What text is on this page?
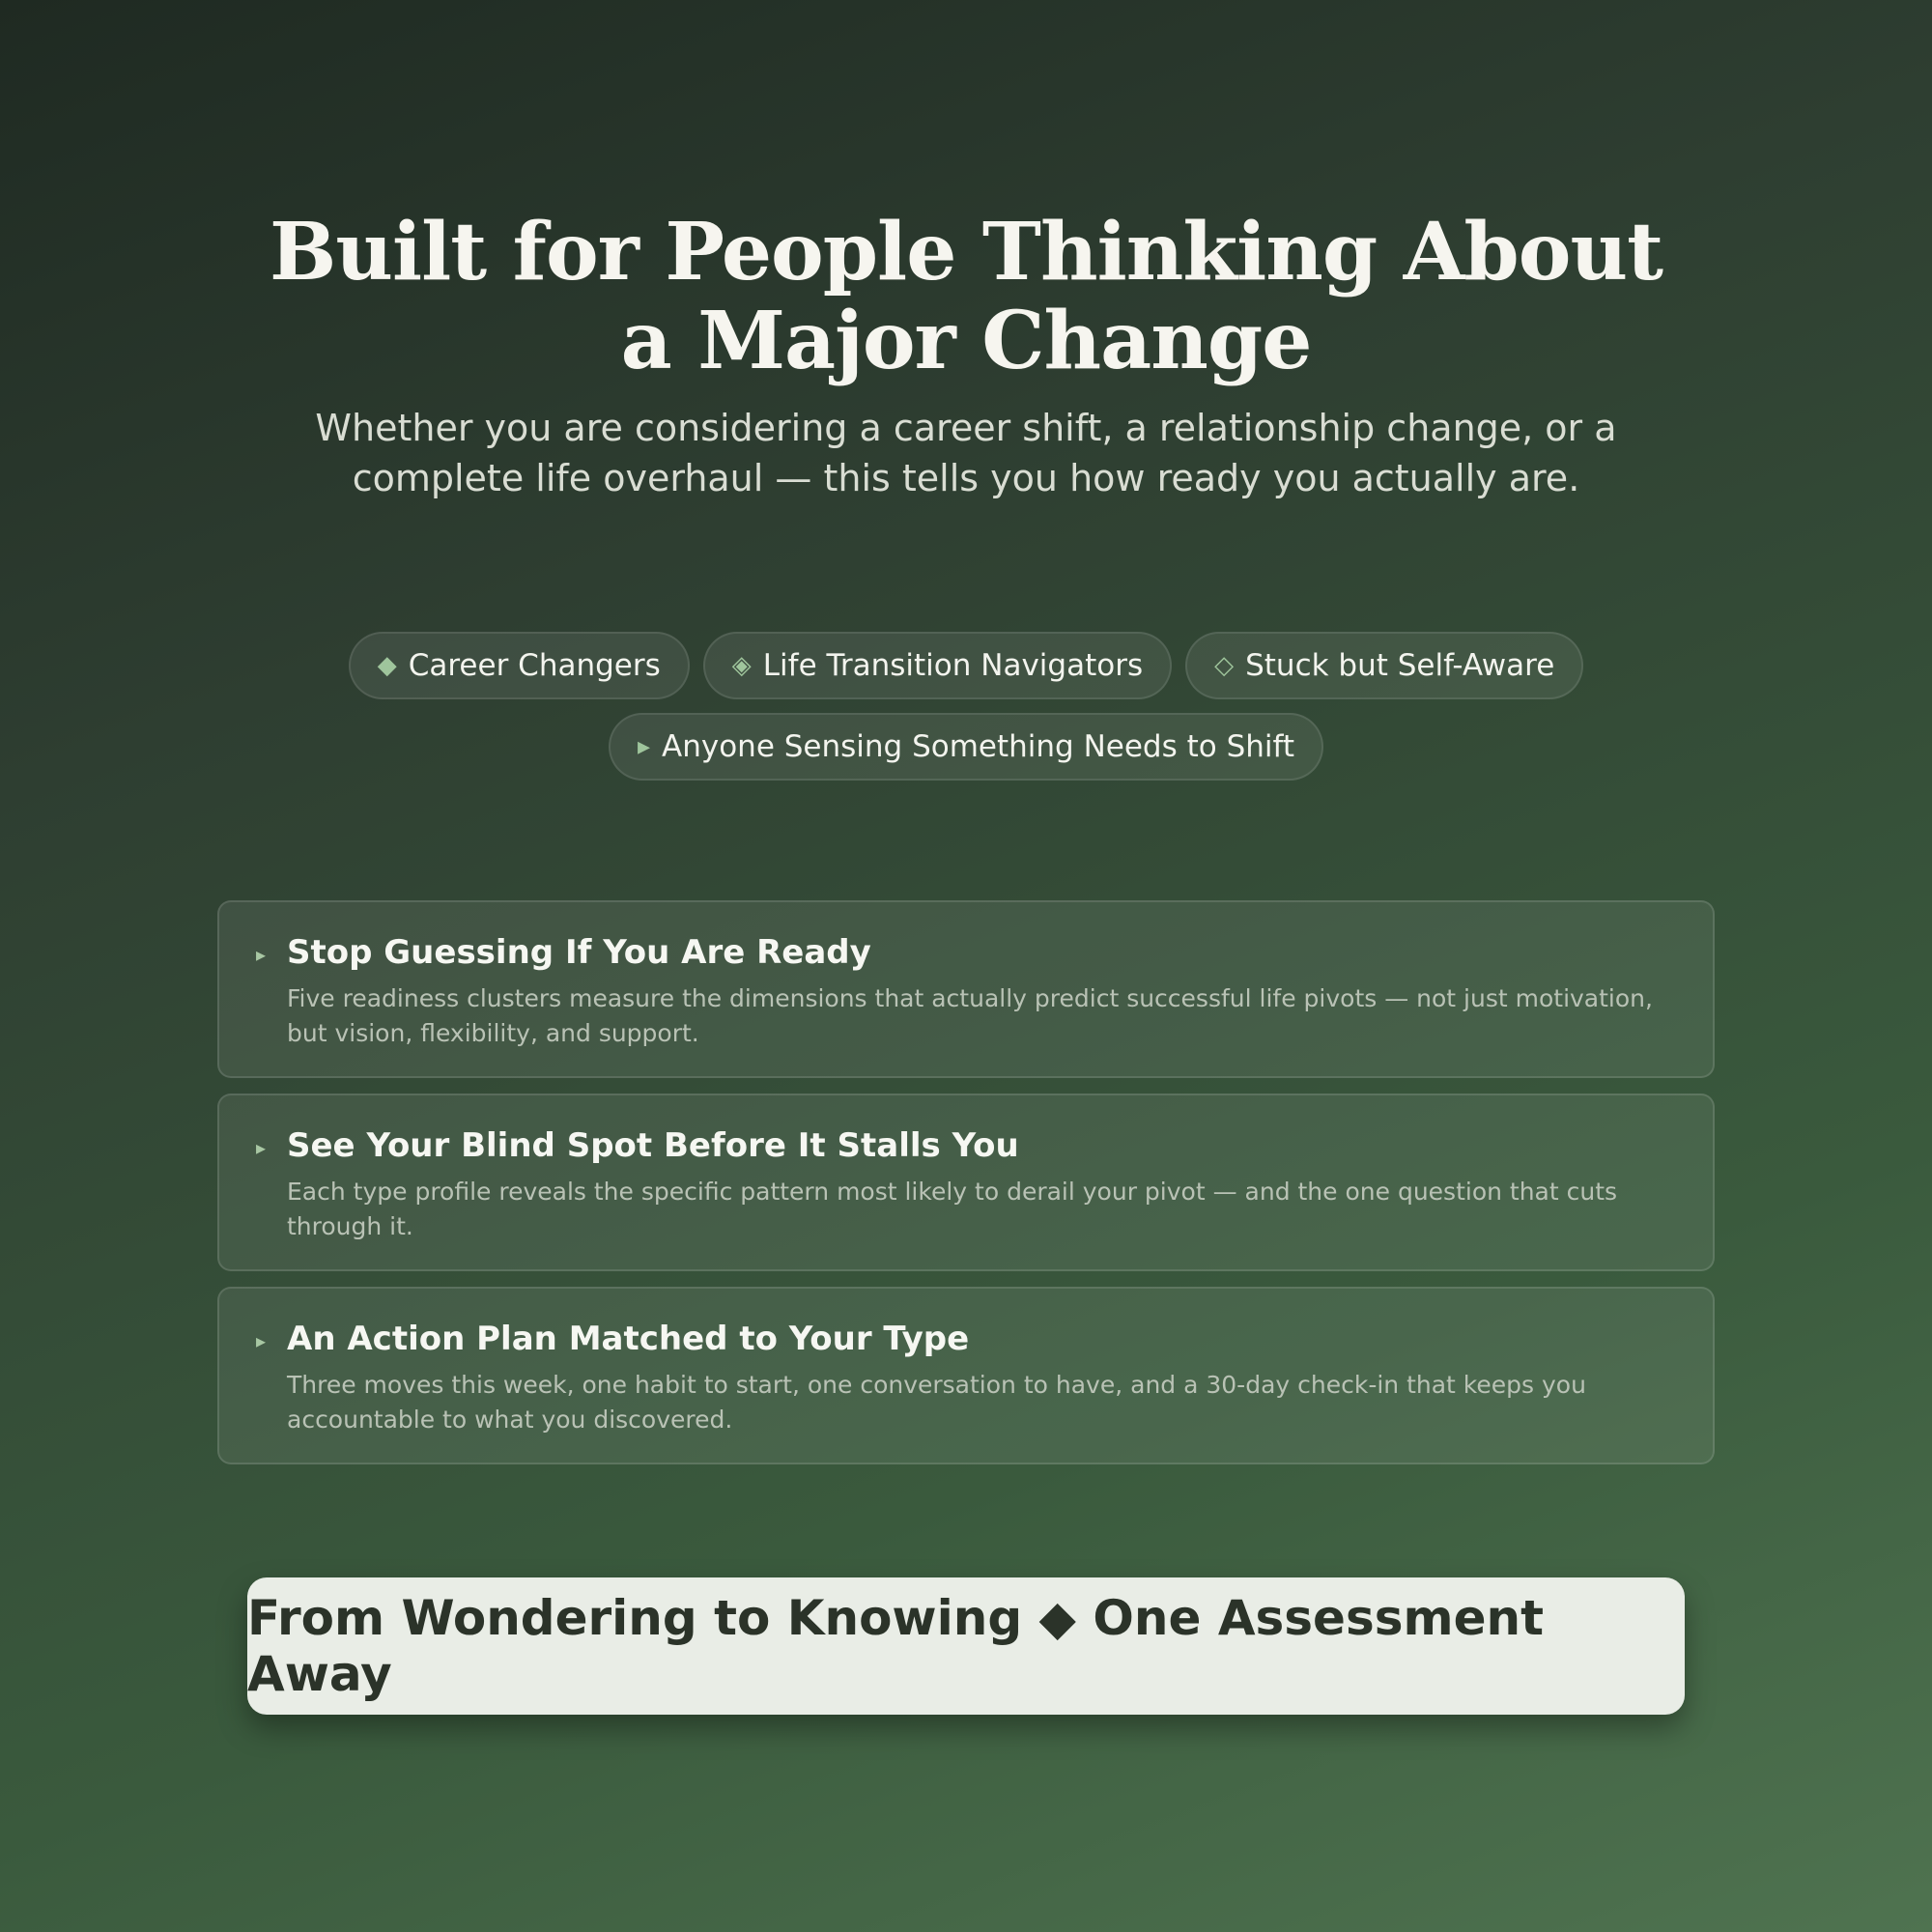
Built for People Thinking About a Major Change

Whether you are considering a career shift, a relationship change, or a complete life overhaul — this tells you how ready you actually are.

◆ Career Changers	◈ Life Transition Navigators	◇ Stuck but Self-Aware
▸ Anyone Sensing Something Needs to Shift
▸ Stop Guessing If You Are Ready
Five readiness clusters measure the dimensions that actually predict successful life pivots — not just motivation, but vision, flexibility, and support.
▸ See Your Blind Spot Before It Stalls You
Each type profile reveals the specific pattern most likely to derail your pivot — and the one question that cuts through it.
▸ An Action Plan Matched to Your Type
Three moves this week, one habit to start, one conversation to have, and a 30-day check-in that keeps you accountable to what you discovered.
From Wondering to Knowing ◆ One Assessment Away
